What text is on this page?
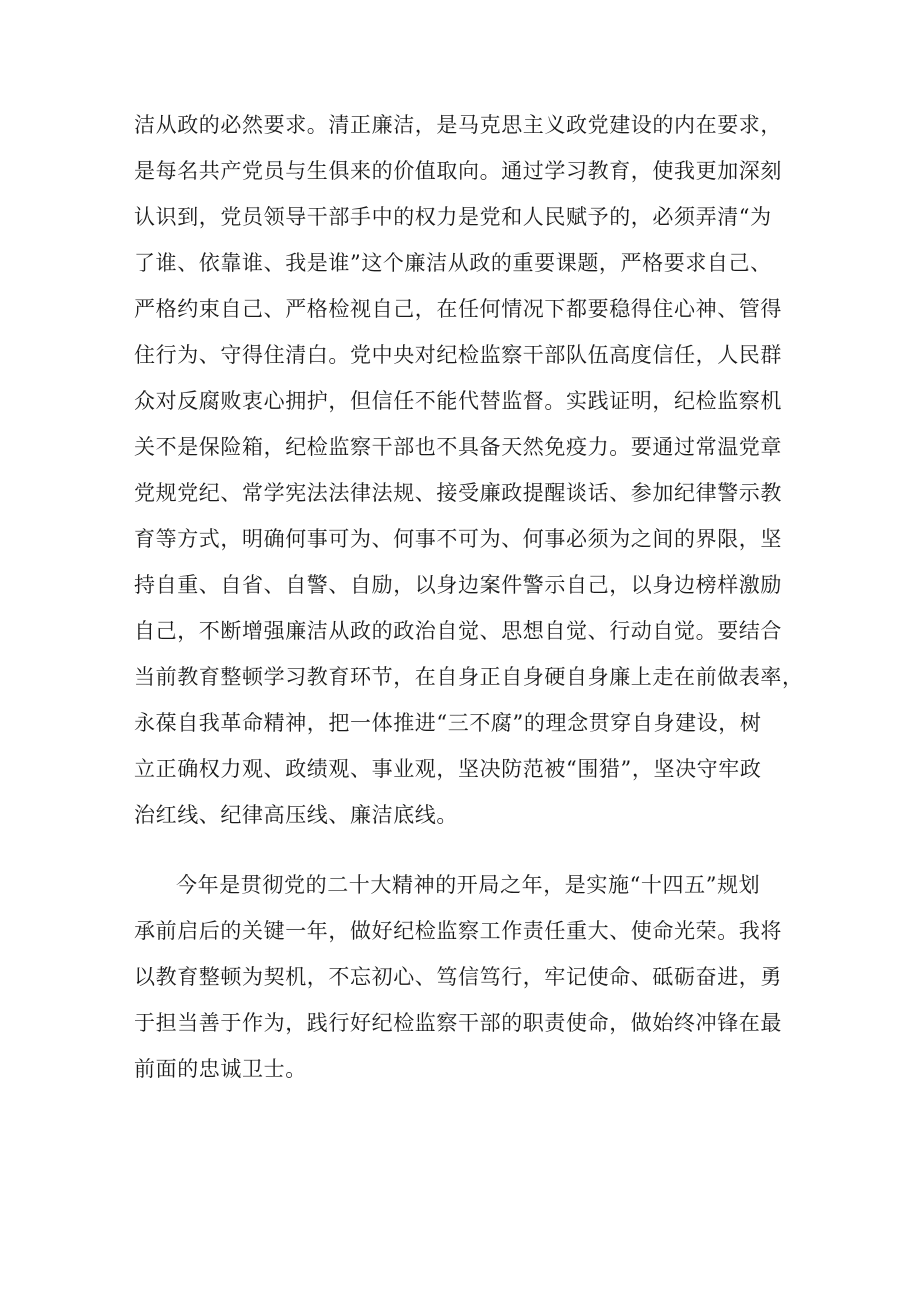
洁从政的必然要求。清正廉洁，是马克思主义政党建设的内在要求，
是每名共产党员与生俱来的价值取向。通过学习教育，使我更加深刻
认识到，党员领导干部手中的权力是党和人民赋予的，必须弄清“为
了谁、依靠谁、我是谁”这个廉洁从政的重要课题，严格要求自己、
严格约束自己、严格检视自己，在任何情况下都要稳得住心神、管得
住行为、守得住清白。党中央对纪检监察干部队伍高度信任，人民群
众对反腐败衷心拥护，但信任不能代替监督。实践证明，纪检监察机
关不是保险箱，纪检监察干部也不具备天然免疫力。要通过常温党章
党规党纪、常学宪法法律法规、接受廉政提醒谈话、参加纪律警示教
育等方式，明确何事可为、何事不可为、何事必须为之间的界限，坚
持自重、自省、自警、自励，以身边案件警示自己，以身边榜样激励
自己，不断增强廉洁从政的政治自觉、思想自觉、行动自觉。要结合
当前教育整顿学习教育环节，在自身正自身硬自身廉上走在前做表率，
永葆自我革命精神，把一体推进“三不腐”的理念贯穿自身建设，树
立正确权力观、政绩观、事业观，坚决防范被“围猎”，坚决守牢政
治红线、纪律高压线、廉洁底线。

今年是贯彻党的二十大精神的开局之年，是实施“十四五”规划
承前启后的关键一年，做好纪检监察工作责任重大、使命光荣。我将
以教育整顿为契机，不忘初心、笃信笃行，牢记使命、砥砺奋进，勇
于担当善于作为，践行好纪检监察干部的职责使命，做始终冲锋在最
前面的忠诚卫士。
